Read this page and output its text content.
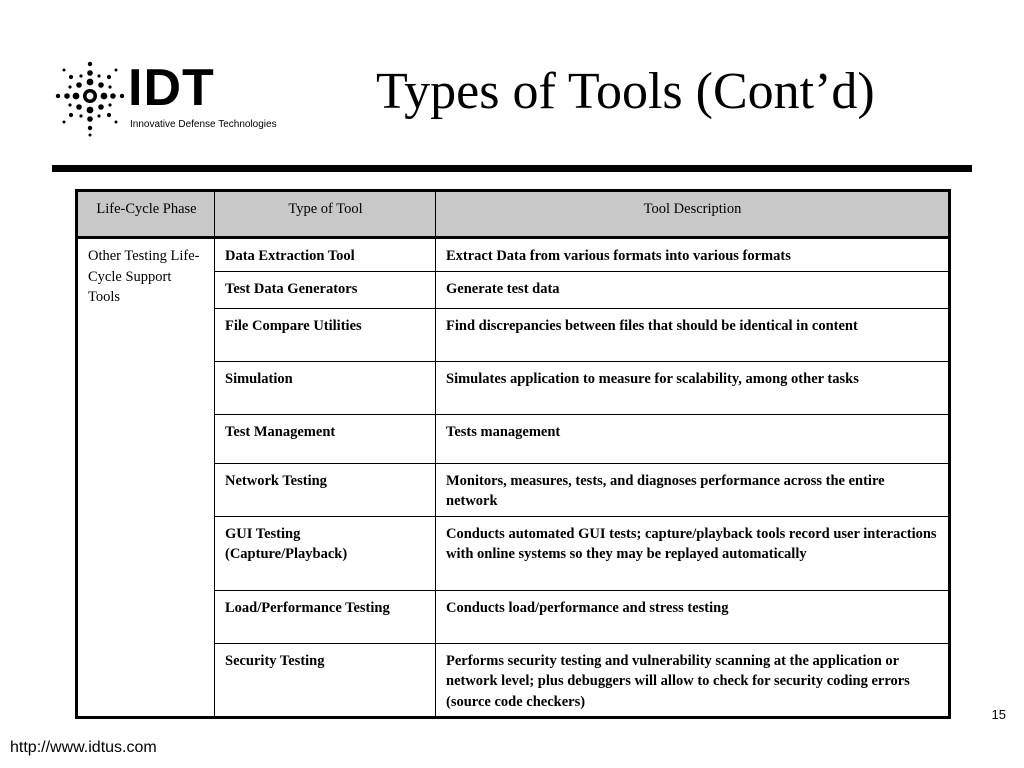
IDT
Innovative Defense Technologies
Types of Tools (Cont’d)
Life-Cycle Phase	Type of Tool	Tool Description
Other Testing Life-Cycle Support Tools	Data Extraction Tool	Extract Data from various formats into various formats
	Test Data Generators	Generate test data
	File Compare Utilities	Find discrepancies between files that should be identical in content
	Simulation	Simulates application to measure for scalability, among other tasks
	Test Management	Tests management
	Network Testing	Monitors, measures, tests, and diagnoses performance across the entire network
	GUI Testing (Capture/Playback)	Conducts automated GUI tests; capture/playback tools record user interactions with online systems so they may be replayed automatically
	Load/Performance Testing	Conducts load/performance and stress testing
	Security Testing	Performs security testing and vulnerability scanning at the application or network level; plus debuggers will allow to check for security coding errors (source code checkers)
15
http://www.idtus.com
